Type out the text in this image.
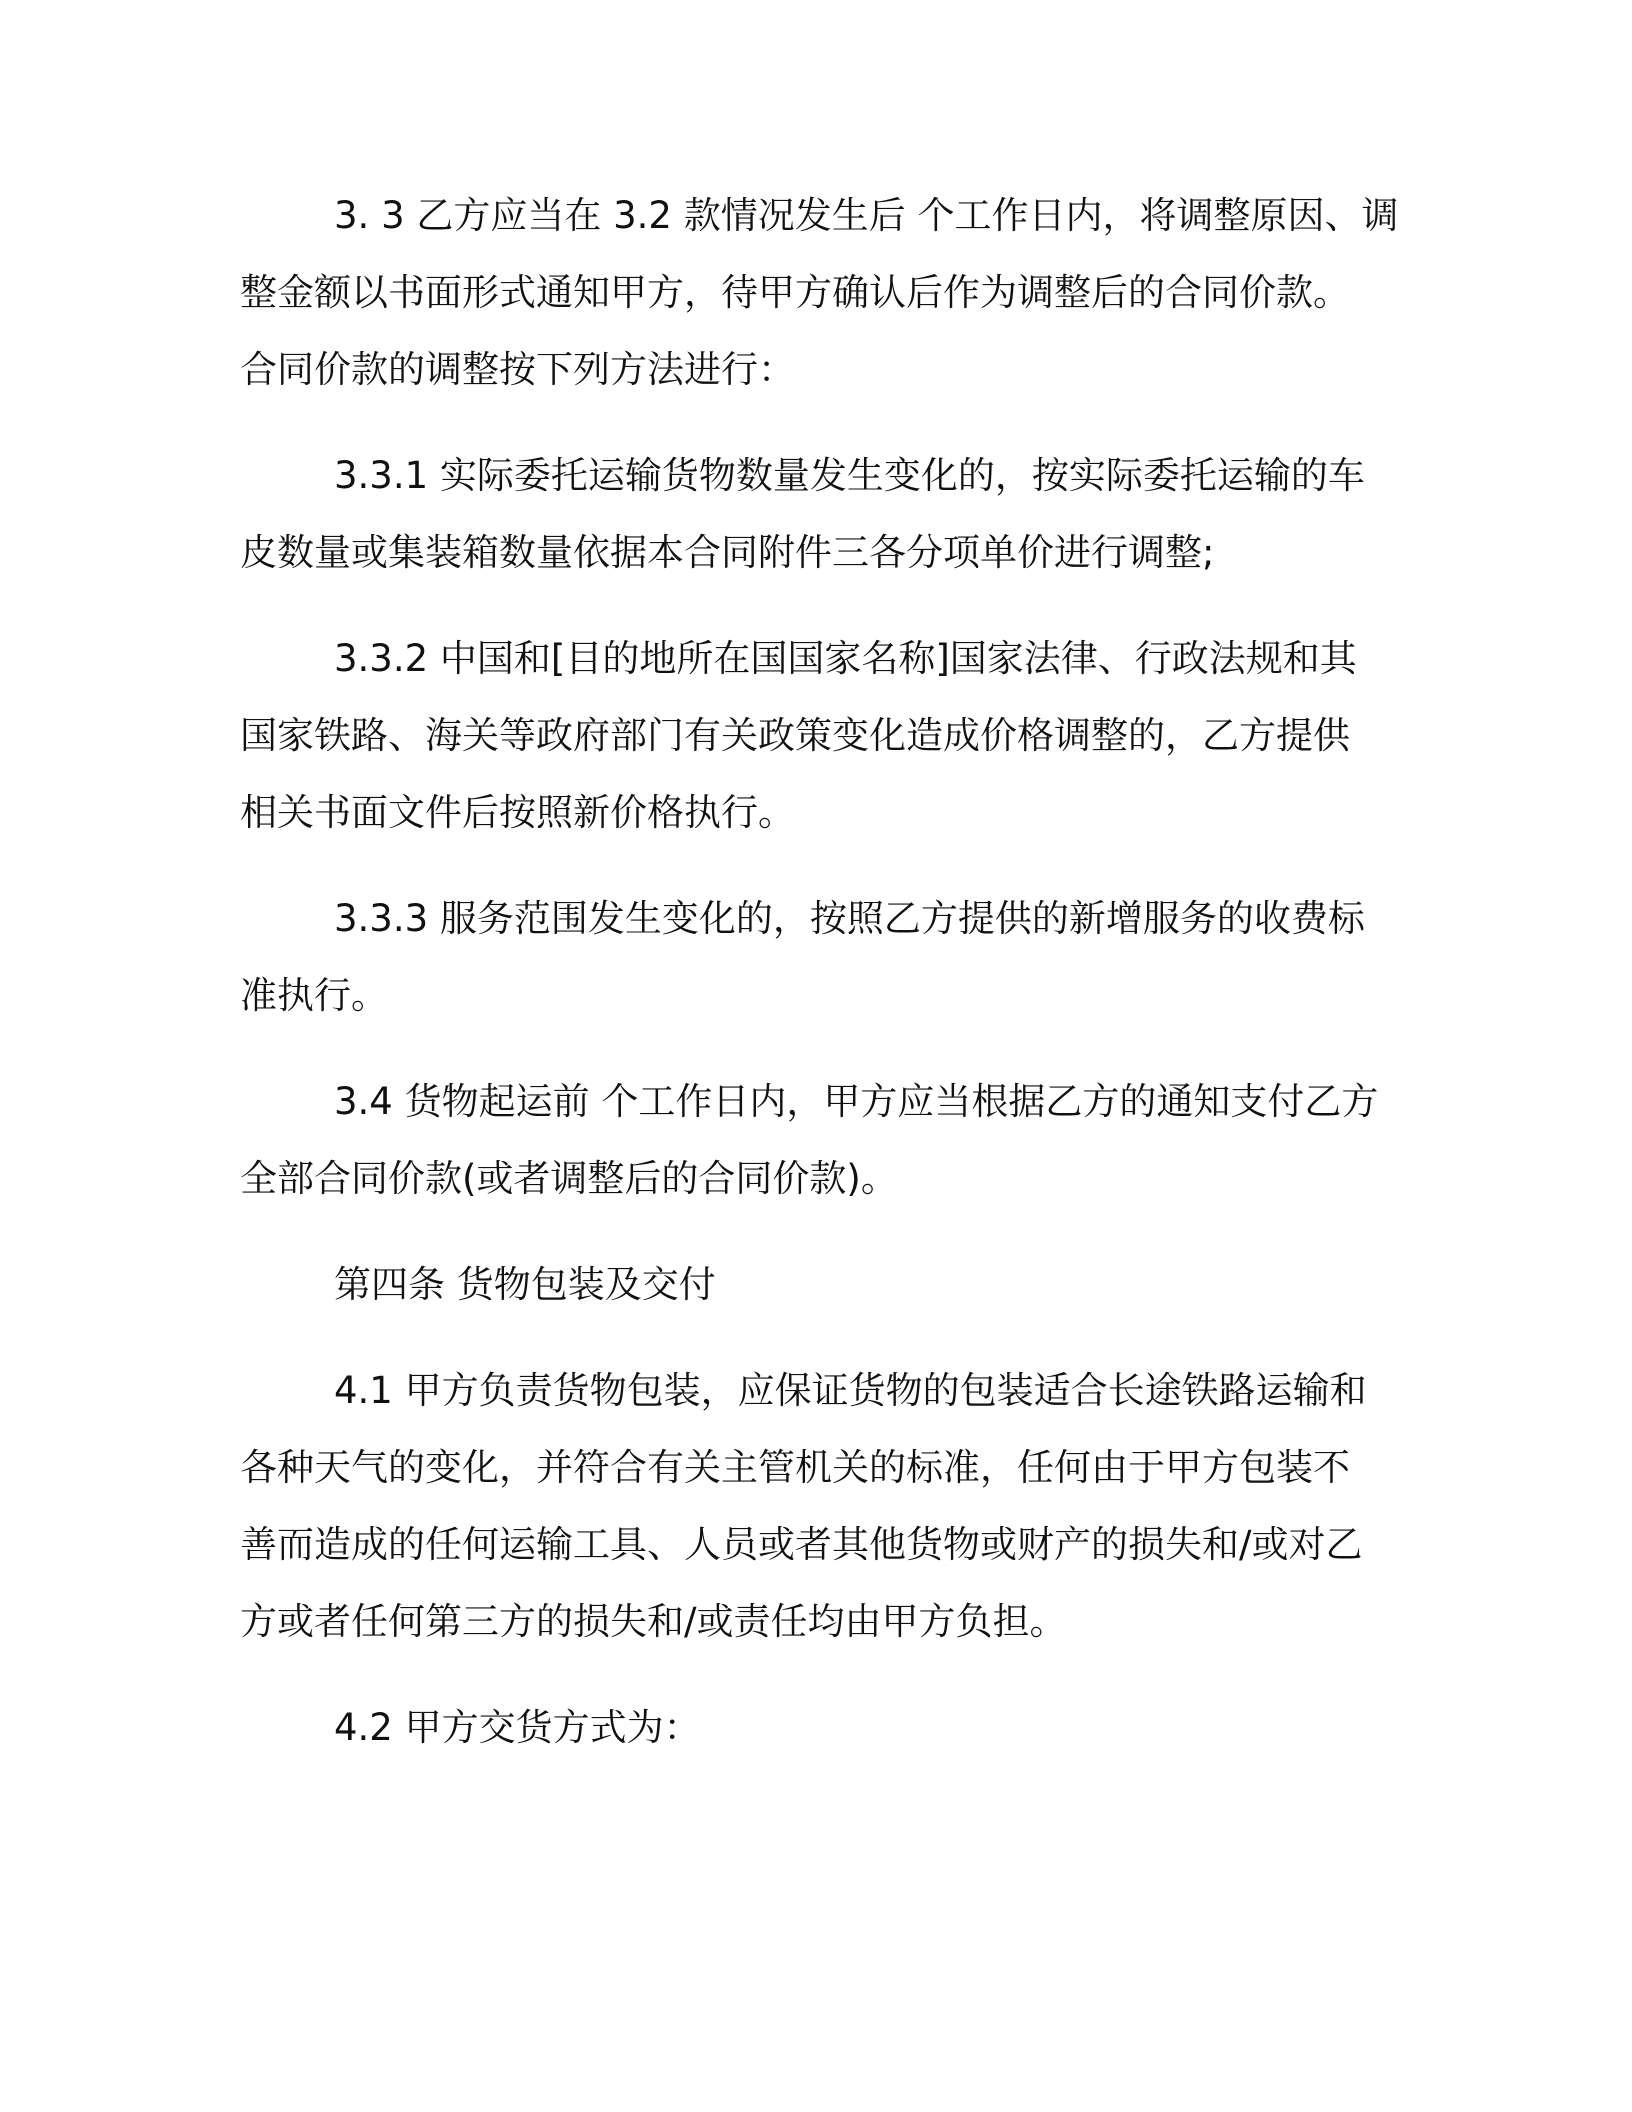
3. 3 乙方应当在 3.2 款情况发生后 个工作日内，将调整原因、调
整金额以书面形式通知甲方，待甲方确认后作为调整后的合同价款。
合同价款的调整按下列方法进行：
3.3.1 实际委托运输货物数量发生变化的，按实际委托运输的车
皮数量或集装箱数量依据本合同附件三各分项单价进行调整;
3.3.2 中国和[目的地所在国国家名称]国家法律、行政法规和其
国家铁路、海关等政府部门有关政策变化造成价格调整的，乙方提供
相关书面文件后按照新价格执行。
3.3.3 服务范围发生变化的，按照乙方提供的新增服务的收费标
准执行。
3.4 货物起运前 个工作日内，甲方应当根据乙方的通知支付乙方
全部合同价款(或者调整后的合同价款)。
第四条 货物包装及交付
4.1 甲方负责货物包装，应保证货物的包装适合长途铁路运输和
各种天气的变化，并符合有关主管机关的标准，任何由于甲方包装不
善而造成的任何运输工具、人员或者其他货物或财产的损失和/或对乙
方或者任何第三方的损失和/或责任均由甲方负担。
4.2 甲方交货方式为：
